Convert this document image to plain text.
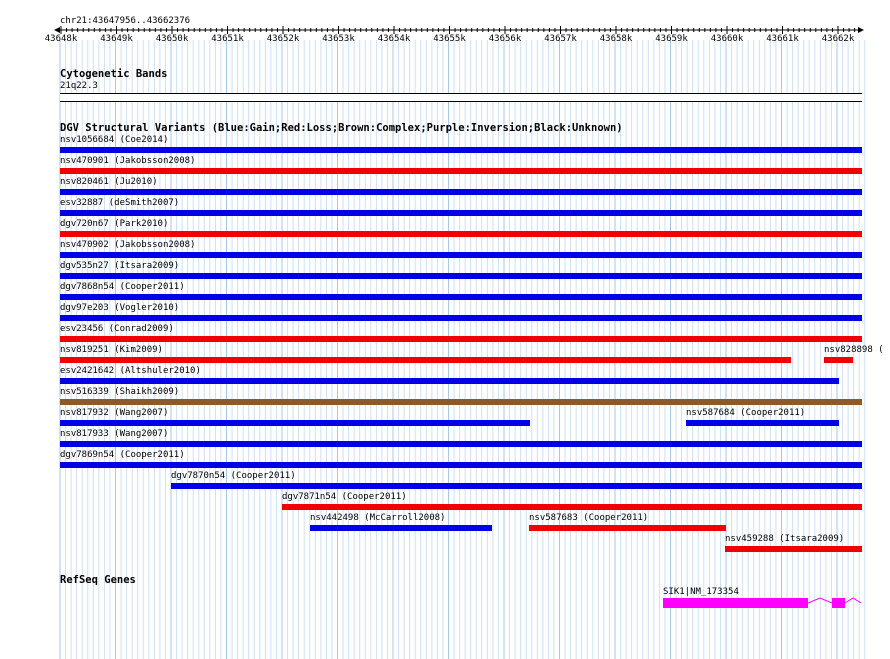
chr21:43647956..43662376
43648k	43649k	43650k	43651k	43652k	43653k	43654k	43655k	43656k	43657k	43658k	43659k	43660k	43661k	43662k
Cytogenetic Bands
21q22.3
DGV Structural Variants (Blue:Gain;Red:Loss;Brown:Complex;Purple:Inversion;Black:Unknown)
nsv1056684 (Coe2014)
nsv470901 (Jakobsson2008)
nsv820461 (Ju2010)
esv32887 (deSmith2007)
dgv720n67 (Park2010)
nsv470902 (Jakobsson2008)
dgv535n27 (Itsara2009)
dgv7868n54 (Cooper2011)
dgv97e203 (Vogler2010)
esv23456 (Conrad2009)
nsv819251 (Kim2009)	nsv828898 (
esv2421642 (Altshuler2010)
nsv516339 (Shaikh2009)
nsv817932 (Wang2007)	nsv587684 (Cooper2011)
nsv817933 (Wang2007)
dgv7869n54 (Cooper2011)
dgv7870n54 (Cooper2011)
dgv7871n54 (Cooper2011)
nsv442498 (McCarroll2008)	nsv587683 (Cooper2011)
nsv459288 (Itsara2009)
RefSeq Genes
SIK1|NM_173354
